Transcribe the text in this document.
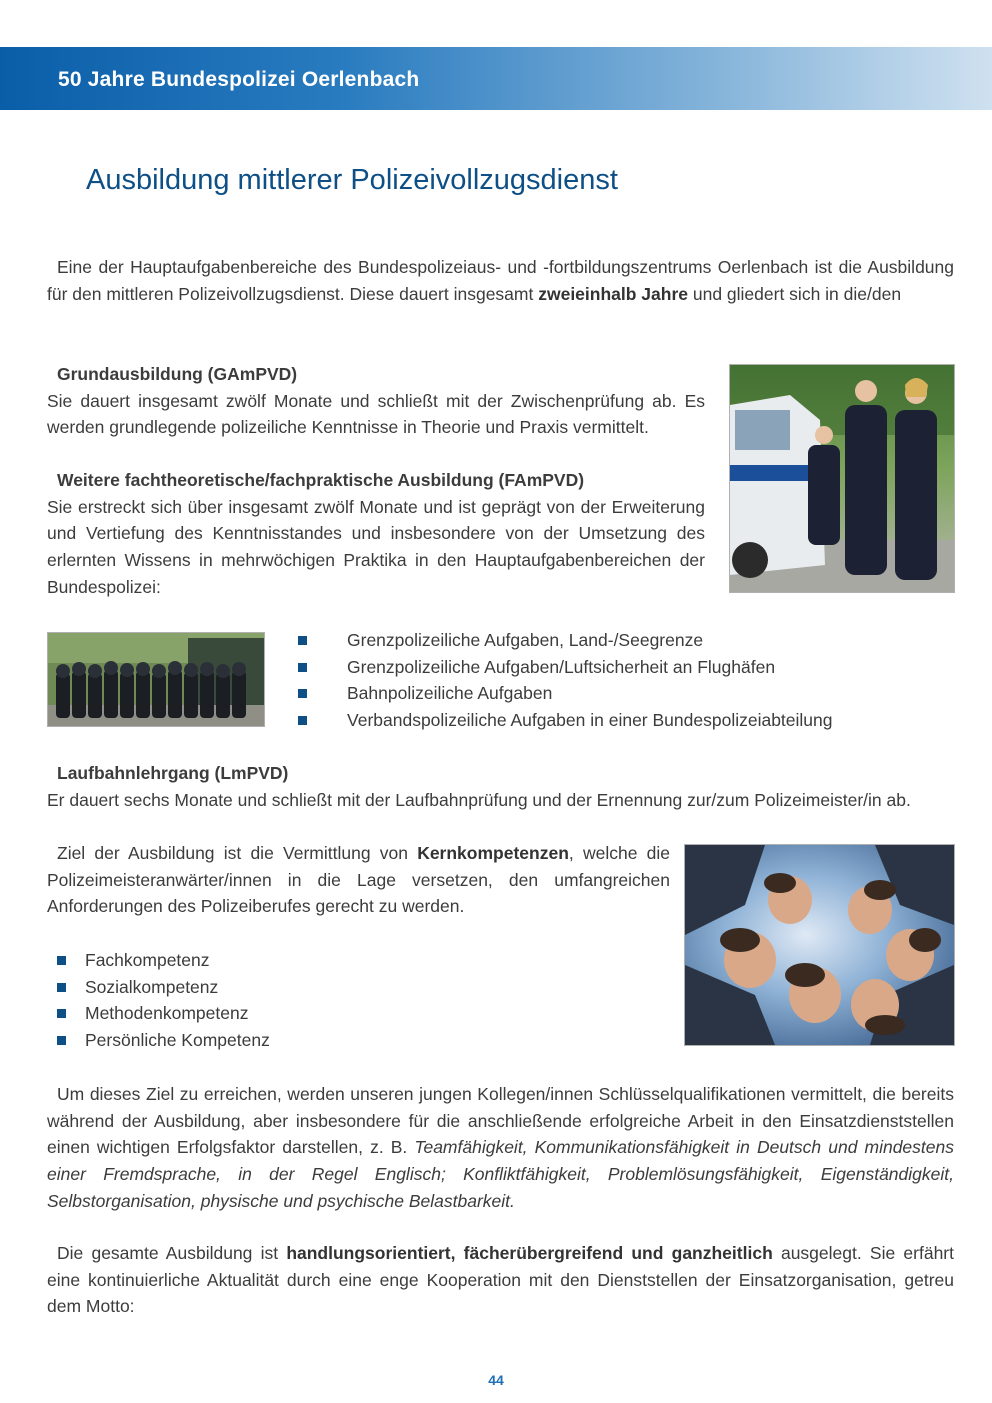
50 Jahre Bundespolizei Oerlenbach
Ausbildung mittlerer Polizeivollzugsdienst
Eine der Hauptaufgabenbereiche des Bundespolizeiaus- und -fortbildungszentrums Oerlenbach ist die Ausbildung für den mittleren Polizeivollzugsdienst. Diese dauert insgesamt zweieinhalb Jahre und gliedert sich in die/den
Grundausbildung (GAmPVD)
Sie dauert insgesamt zwölf Monate und schließt mit der Zwischenprüfung ab. Es werden grundlegende polizeiliche Kenntnisse in Theorie und Praxis vermittelt.
Weitere fachtheoretische/fachpraktische Ausbildung (FAmPVD)
Sie erstreckt sich über insgesamt zwölf Monate und ist geprägt von der Erweiterung und Vertiefung des Kenntnisstandes und insbesondere von der Umsetzung des erlernten Wissens in mehrwöchigen Praktika in den Hauptaufgabenbereichen der Bundespolizei:
Grenzpolizeiliche Aufgaben, Land-/Seegrenze
Grenzpolizeiliche Aufgaben/Luftsicherheit an Flughäfen
Bahnpolizeiliche Aufgaben
Verbandspolizeiliche Aufgaben in einer Bundespolizeiabteilung
Laufbahnlehrgang (LmPVD)
Er dauert sechs Monate und schließt mit der Laufbahnprüfung und der Ernennung zur/zum Polizeimeister/in ab.
Ziel der Ausbildung ist die Vermittlung von Kernkompetenzen, welche die Polizeimeisteranwärter/innen in die Lage versetzen, den umfangreichen Anforderungen des Polizeiberufes gerecht zu werden.
Fachkompetenz
Sozialkompetenz
Methodenkompetenz
Persönliche Kompetenz
Um dieses Ziel zu erreichen, werden unseren jungen Kollegen/innen Schlüsselqualifikationen vermittelt, die bereits während der Ausbildung, aber insbesondere für die anschließende erfolgreiche Arbeit in den Einsatzdienststellen einen wichtigen Erfolgsfaktor darstellen, z. B. Teamfähigkeit, Kommunikationsfähigkeit in Deutsch und mindestens einer Fremdsprache, in der Regel Englisch; Konfliktfähigkeit, Problemlösungsfähigkeit, Eigenständigkeit, Selbstorganisation, physische und psychische Belastbarkeit.
Die gesamte Ausbildung ist handlungsorientiert, fächerübergreifend und ganzheitlich ausgelegt. Sie erfährt eine kontinuierliche Aktualität durch eine enge Kooperation mit den Dienststellen der Einsatzorganisation, getreu dem Motto:
44
